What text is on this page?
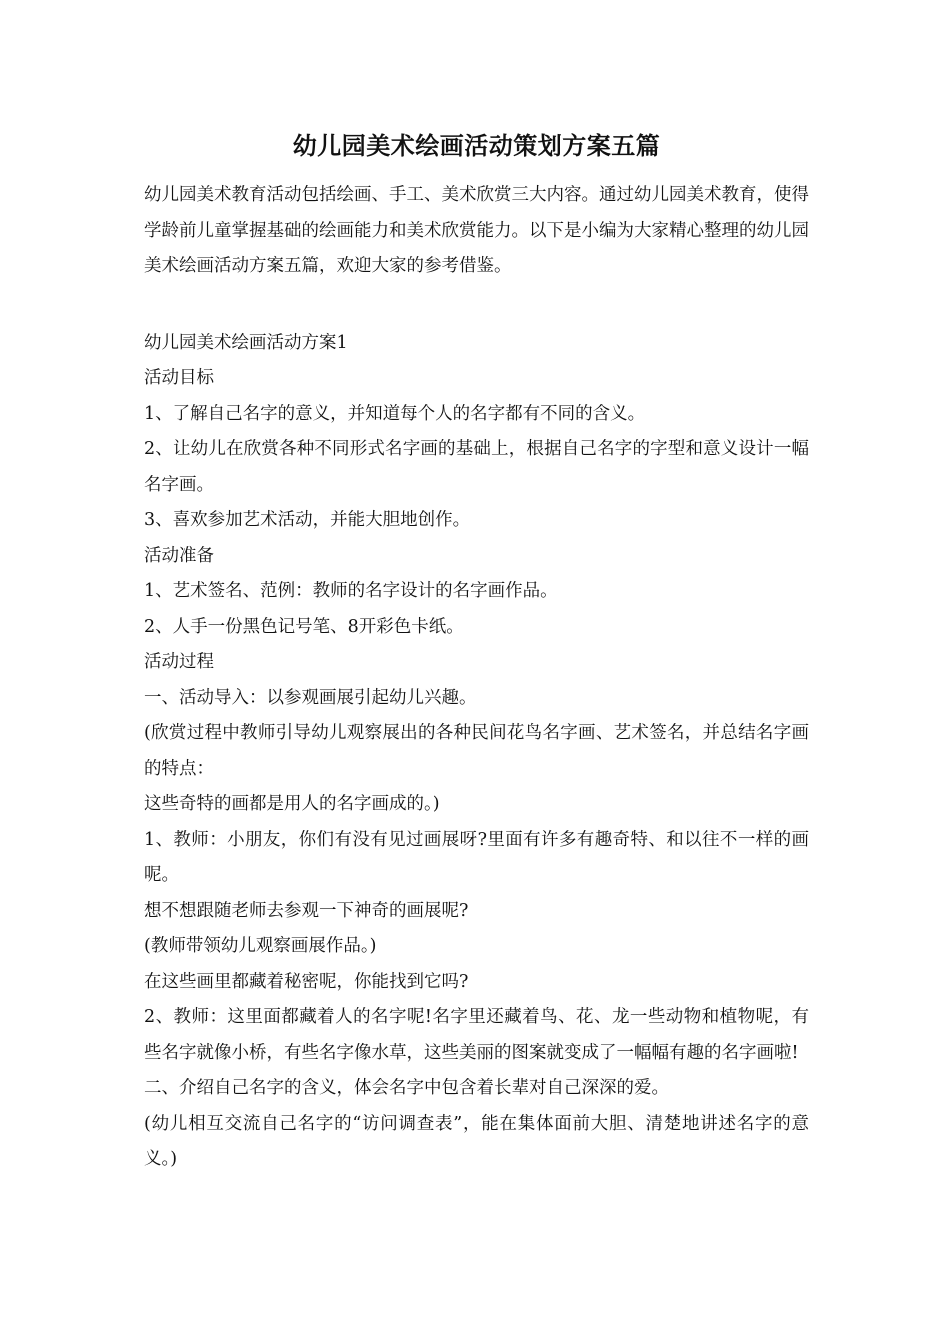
幼儿园美术绘画活动策划方案五篇

幼儿园美术教育活动包括绘画、手工、美术欣赏三大内容。通过幼儿园美术教育，使得学龄前儿童掌握基础的绘画能力和美术欣赏能力。以下是小编为大家精心整理的幼儿园美术绘画活动方案五篇，欢迎大家的参考借鉴。

幼儿园美术绘画活动方案1

活动目标

1、了解自己名字的意义，并知道每个人的名字都有不同的含义。

2、让幼儿在欣赏各种不同形式名字画的基础上，根据自己名字的字型和意义设计一幅名字画。

3、喜欢参加艺术活动，并能大胆地创作。

活动准备

1、艺术签名、范例：教师的名字设计的名字画作品。

2、人手一份黑色记号笔、8开彩色卡纸。

活动过程

一、活动导入：以参观画展引起幼儿兴趣。

(欣赏过程中教师引导幼儿观察展出的各种民间花鸟名字画、艺术签名，并总结名字画的特点：

这些奇特的画都是用人的名字画成的。)

1、教师：小朋友，你们有没有见过画展呀?里面有许多有趣奇特、和以往不一样的画呢。

想不想跟随老师去参观一下神奇的画展呢?

(教师带领幼儿观察画展作品。)

在这些画里都藏着秘密呢，你能找到它吗?

2、教师：这里面都藏着人的名字呢!名字里还藏着鸟、花、龙一些动物和植物呢，有些名字就像小桥，有些名字像水草，这些美丽的图案就变成了一幅幅有趣的名字画啦!

二、介绍自己名字的含义，体会名字中包含着长辈对自己深深的爱。

(幼儿相互交流自己名字的“访问调查表”，能在集体面前大胆、清楚地讲述名字的意义。)
